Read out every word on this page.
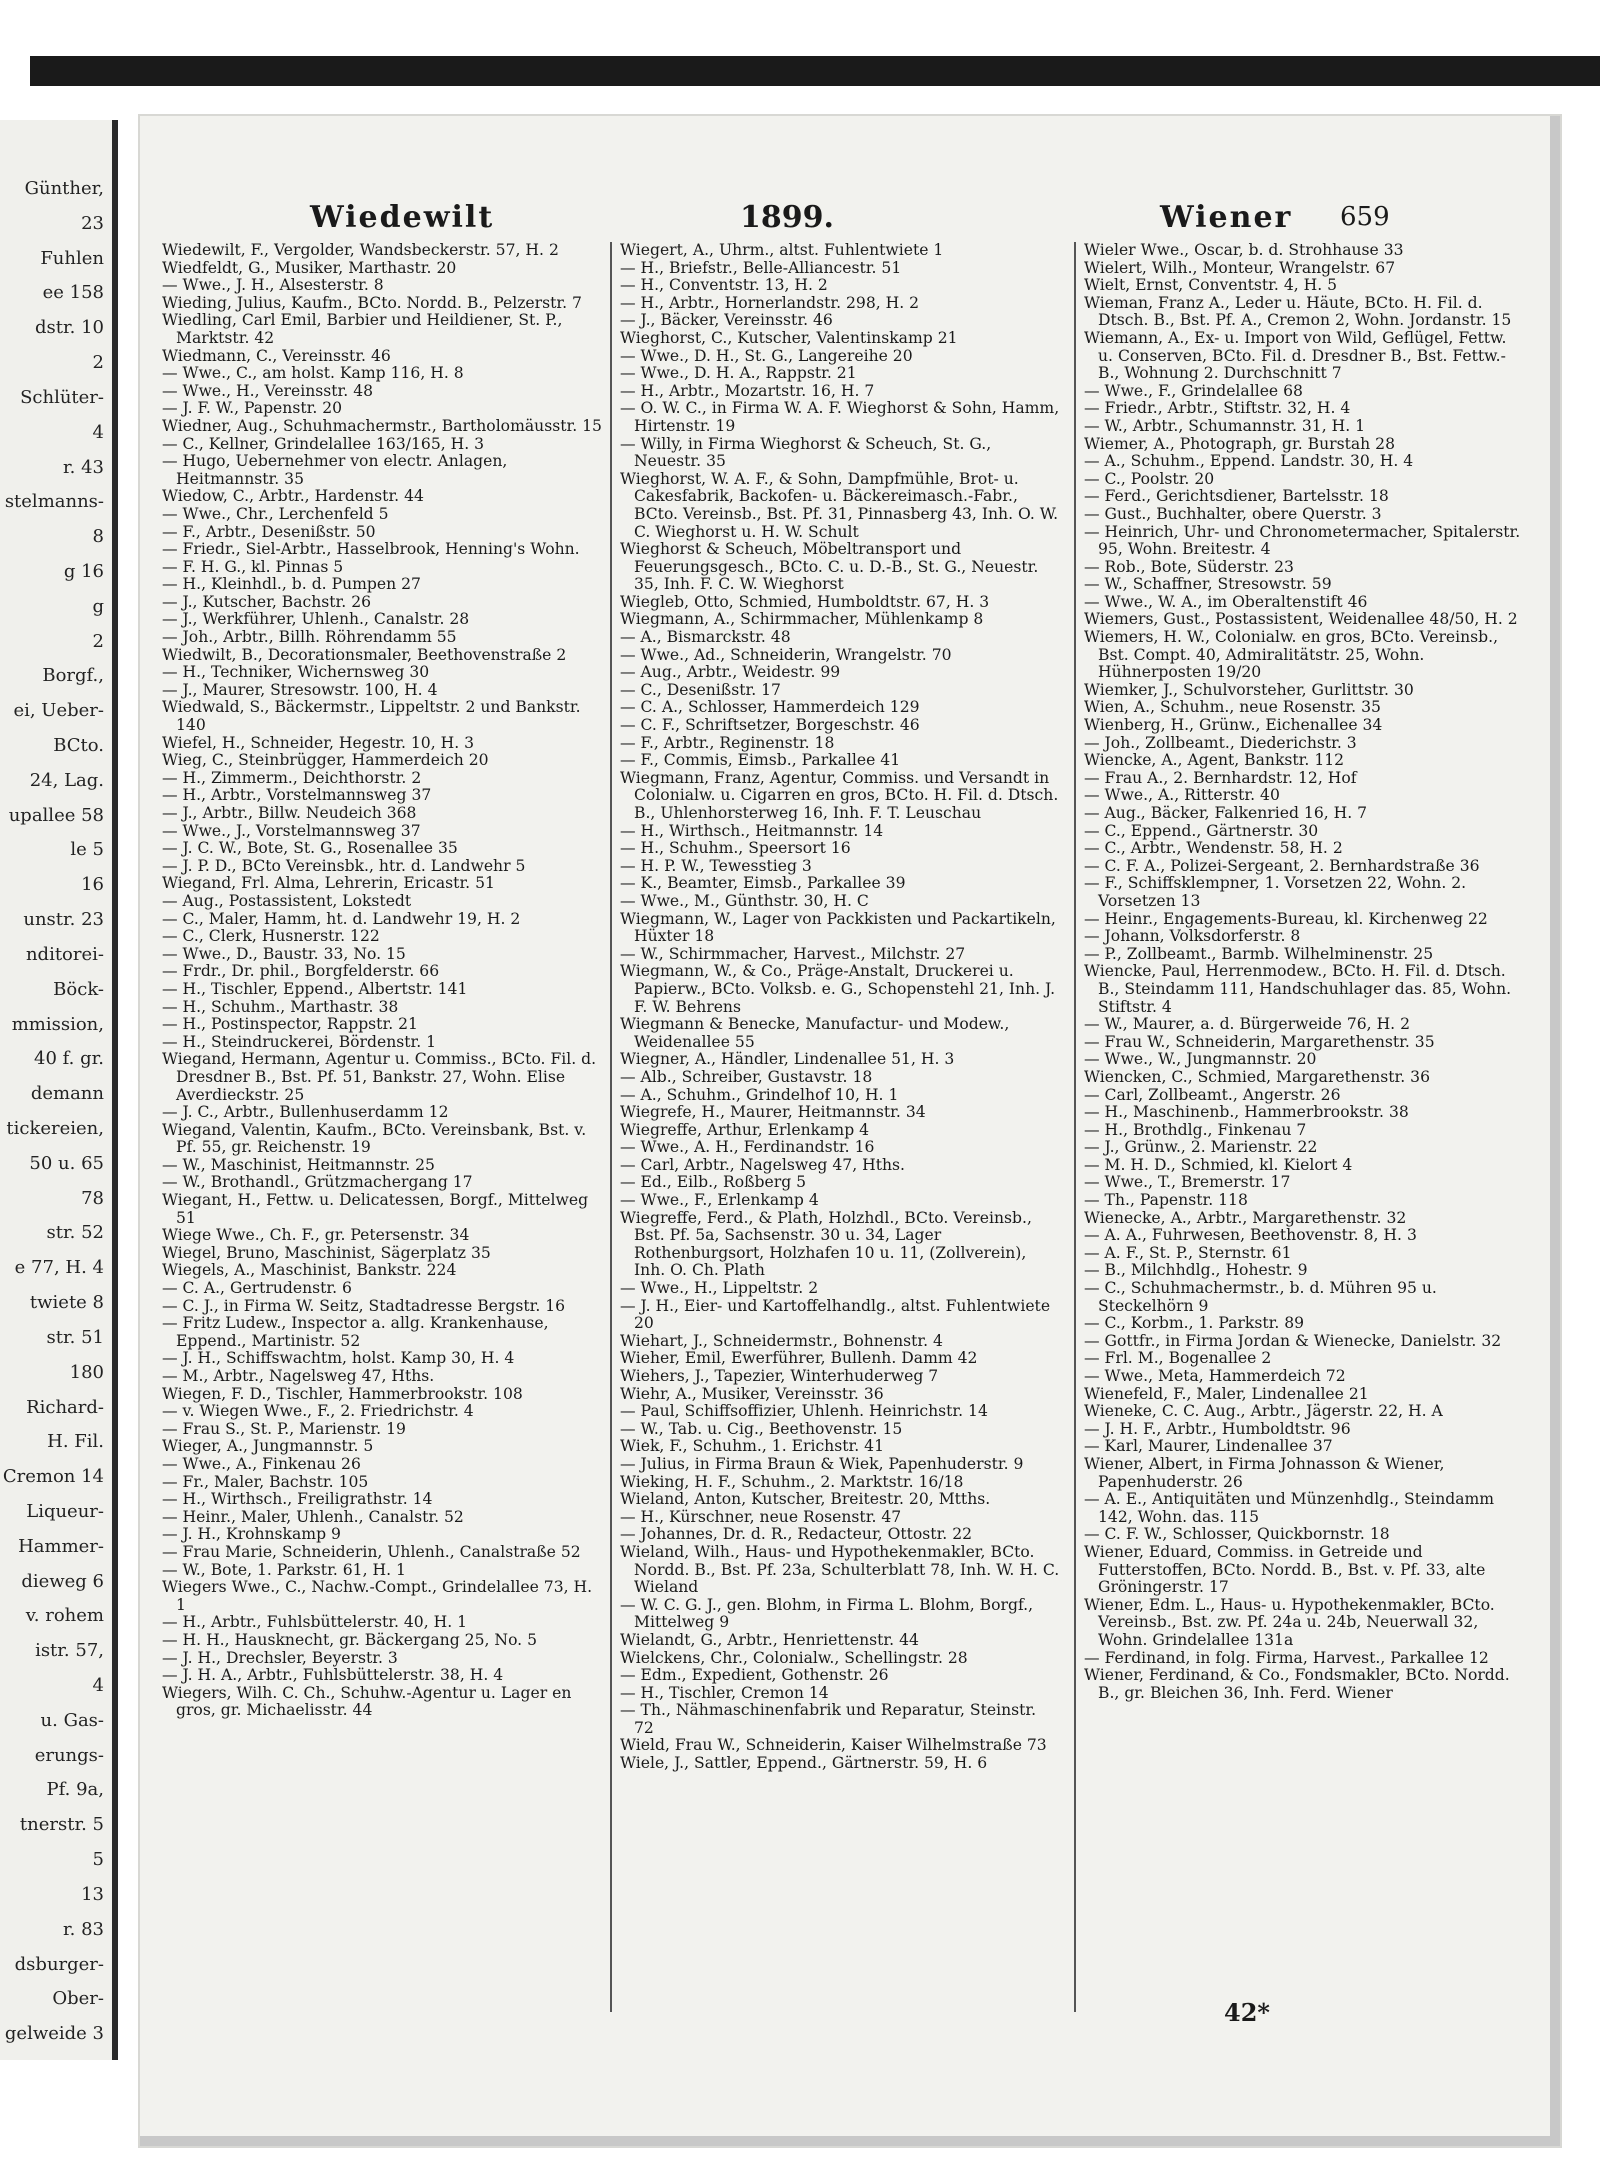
Günther,
23
Fuhlen
ee 158
dstr. 10
2
Schlüter-
4
r. 43
stelmanns-
8
g 16
g
2
Borgf.,
ei, Ueber-
BCto.
24, Lag.
upallee 58
le 5
16
unstr. 23
nditorei-
Böck-
mmission,
40 f. gr.
demann
tickereien,
50 u. 65
78
str. 52
e 77, H. 4
twiete 8
str. 51
180
Richard-
H. Fil.
Cremon 14
Liqueur-
Hammer-
dieweg 6
v. rohem
istr. 57,
4
u. Gas-
erungs-
Pf. 9a,
tnerstr. 5
5
13
r. 83
dsburger-
Ober-
gelweide 3
Wiedewilt	1899.	Wiener 659

Wiedewilt, F., Vergolder, Wandsbeckerstr. 57, H. 2

Wiedfeldt, G., Musiker, Marthastr. 20

— Wwe., J. H., Alsesterstr. 8

Wieding, Julius, Kaufm., BCto. Nordd. B., Pelzerstr. 7

Wiedling, Carl Emil, Barbier und Heildiener, St. P., Marktstr. 42

Wiedmann, C., Vereinsstr. 46

— Wwe., C., am holst. Kamp 116, H. 8

— Wwe., H., Vereinsstr. 48

— J. F. W., Papenstr. 20

Wiedner, Aug., Schuhmachermstr., Bartholomäusstr. 15

— C., Kellner, Grindelallee 163/165, H. 3

— Hugo, Uebernehmer von electr. Anlagen, Heitmannstr. 35

Wiedow, C., Arbtr., Hardenstr. 44

— Wwe., Chr., Lerchenfeld 5

— F., Arbtr., Desenißstr. 50

— Friedr., Siel-Arbtr., Hasselbrook, Henning's Wohn.

— F. H. G., kl. Pinnas 5

— H., Kleinhdl., b. d. Pumpen 27

— J., Kutscher, Bachstr. 26

— J., Werkführer, Uhlenh., Canalstr. 28

— Joh., Arbtr., Billh. Röhrendamm 55

Wiedwilt, B., Decorationsmaler, Beethovenstraße 2

— H., Techniker, Wichernsweg 30

— J., Maurer, Stresowstr. 100, H. 4

Wiedwald, S., Bäckermstr., Lippeltstr. 2 und Bankstr. 140

Wiefel, H., Schneider, Hegestr. 10, H. 3

Wieg, C., Steinbrügger, Hammerdeich 20

— H., Zimmerm., Deichthorstr. 2

— H., Arbtr., Vorstelmannsweg 37

— J., Arbtr., Billw. Neudeich 368

— Wwe., J., Vorstelmannsweg 37

— J. C. W., Bote, St. G., Rosenallee 35

— J. P. D., BCto Vereinsbk., htr. d. Landwehr 5

Wiegand, Frl. Alma, Lehrerin, Ericastr. 51

— Aug., Postassistent, Lokstedt

— C., Maler, Hamm, ht. d. Landwehr 19, H. 2

— C., Clerk, Husnerstr. 122

— Wwe., D., Baustr. 33, No. 15

— Frdr., Dr. phil., Borgfelderstr. 66

— H., Tischler, Eppend., Albertstr. 141

— H., Schuhm., Marthastr. 38

— H., Postinspector, Rappstr. 21

— H., Steindruckerei, Bördenstr. 1

Wiegand, Hermann, Agentur u. Commiss., BCto. Fil. d. Dresdner B., Bst. Pf. 51, Bankstr. 27, Wohn. Elise Averdieckstr. 25

— J. C., Arbtr., Bullenhuserdamm 12

Wiegand, Valentin, Kaufm., BCto. Vereinsbank, Bst. v. Pf. 55, gr. Reichenstr. 19

— W., Maschinist, Heitmannstr. 25

— W., Brothandl., Grützmachergang 17

Wiegant, H., Fettw. u. Delicatessen, Borgf., Mittelweg 51

Wiege Wwe., Ch. F., gr. Petersenstr. 34

Wiegel, Bruno, Maschinist, Sägerplatz 35

Wiegels, A., Maschinist, Bankstr. 224

— C. A., Gertrudenstr. 6

— C. J., in Firma W. Seitz, Stadtadresse Bergstr. 16

— Fritz Ludew., Inspector a. allg. Krankenhause, Eppend., Martinistr. 52

— J. H., Schiffswachtm, holst. Kamp 30, H. 4

— M., Arbtr., Nagelsweg 47, Hths.

Wiegen, F. D., Tischler, Hammerbrookstr. 108

— v. Wiegen Wwe., F., 2. Friedrichstr. 4

— Frau S., St. P., Marienstr. 19

Wieger, A., Jungmannstr. 5

— Wwe., A., Finkenau 26

— Fr., Maler, Bachstr. 105

— H., Wirthsch., Freiligrathstr. 14

— Heinr., Maler, Uhlenh., Canalstr. 52

— J. H., Krohnskamp 9

— Frau Marie, Schneiderin, Uhlenh., Canalstraße 52

— W., Bote, 1. Parkstr. 61, H. 1

Wiegers Wwe., C., Nachw.-Compt., Grindelallee 73, H. 1

— H., Arbtr., Fuhlsbüttelerstr. 40, H. 1

— H. H., Hausknecht, gr. Bäckergang 25, No. 5

— J. H., Drechsler, Beyerstr. 3

— J. H. A., Arbtr., Fuhlsbüttelerstr. 38, H. 4

Wiegers, Wilh. C. Ch., Schuhw.-Agentur u. Lager en gros, gr. Michaelisstr. 44

Wiegert, A., Uhrm., altst. Fuhlentwiete 1

— H., Briefstr., Belle-Alliancestr. 51

— H., Conventstr. 13, H. 2

— H., Arbtr., Hornerlandstr. 298, H. 2

— J., Bäcker, Vereinsstr. 46

Wieghorst, C., Kutscher, Valentinskamp 21

— Wwe., D. H., St. G., Langereihe 20

— Wwe., D. H. A., Rappstr. 21

— H., Arbtr., Mozartstr. 16, H. 7

— O. W. C., in Firma W. A. F. Wieghorst & Sohn, Hamm, Hirtenstr. 19

— Willy, in Firma Wieghorst & Scheuch, St. G., Neuestr. 35

Wieghorst, W. A. F., & Sohn, Dampfmühle, Brot- u. Cakesfabrik, Backofen- u. Bäckereimasch.-Fabr., BCto. Vereinsb., Bst. Pf. 31, Pinnasberg 43, Inh. O. W. C. Wieghorst u. H. W. Schult

Wieghorst & Scheuch, Möbeltransport und Feuerungsgesch., BCto. C. u. D.-B., St. G., Neuestr. 35, Inh. F. C. W. Wieghorst

Wiegleb, Otto, Schmied, Humboldtstr. 67, H. 3

Wiegmann, A., Schirmmacher, Mühlenkamp 8

— A., Bismarckstr. 48

— Wwe., Ad., Schneiderin, Wrangelstr. 70

— Aug., Arbtr., Weidestr. 99

— C., Desenißstr. 17

— C. A., Schlosser, Hammerdeich 129

— C. F., Schriftsetzer, Borgeschstr. 46

— F., Arbtr., Reginenstr. 18

— F., Commis, Eimsb., Parkallee 41

Wiegmann, Franz, Agentur, Commiss. und Versandt in Colonialw. u. Cigarren en gros, BCto. H. Fil. d. Dtsch. B., Uhlenhorsterweg 16, Inh. F. T. Leuschau

— H., Wirthsch., Heitmannstr. 14

— H., Schuhm., Speersort 16

— H. P. W., Tewesstieg 3

— K., Beamter, Eimsb., Parkallee 39

— Wwe., M., Günthstr. 30, H. C

Wiegmann, W., Lager von Packkisten und Packartikeln, Hüxter 18

— W., Schirmmacher, Harvest., Milchstr. 27

Wiegmann, W., & Co., Präge-Anstalt, Druckerei u. Papierw., BCto. Volksb. e. G., Schopenstehl 21, Inh. J. F. W. Behrens

Wiegmann & Benecke, Manufactur- und Modew., Weidenallee 55

Wiegner, A., Händler, Lindenallee 51, H. 3

— Alb., Schreiber, Gustavstr. 18

— A., Schuhm., Grindelhof 10, H. 1

Wiegrefe, H., Maurer, Heitmannstr. 34

Wiegreffe, Arthur, Erlenkamp 4

— Wwe., A. H., Ferdinandstr. 16

— Carl, Arbtr., Nagelsweg 47, Hths.

— Ed., Eilb., Roßberg 5

— Wwe., F., Erlenkamp 4

Wiegreffe, Ferd., & Plath, Holzhdl., BCto. Vereinsb., Bst. Pf. 5a, Sachsenstr. 30 u. 34, Lager Rothenburgsort, Holzhafen 10 u. 11, (Zollverein), Inh. O. Ch. Plath

— Wwe., H., Lippeltstr. 2

— J. H., Eier- und Kartoffelhandlg., altst. Fuhlentwiete 20

Wiehart, J., Schneidermstr., Bohnenstr. 4

Wieher, Emil, Ewerführer, Bullenh. Damm 42

Wiehers, J., Tapezier, Winterhuderweg 7

Wiehr, A., Musiker, Vereinsstr. 36

— Paul, Schiffsoffizier, Uhlenh. Heinrichstr. 14

— W., Tab. u. Cig., Beethovenstr. 15

Wiek, F., Schuhm., 1. Erichstr. 41

— Julius, in Firma Braun & Wiek, Papenhuderstr. 9

Wieking, H. F., Schuhm., 2. Marktstr. 16/18

Wieland, Anton, Kutscher, Breitestr. 20, Mtths.

— H., Kürschner, neue Rosenstr. 47

— Johannes, Dr. d. R., Redacteur, Ottostr. 22

Wieland, Wilh., Haus- und Hypothekenmakler, BCto. Nordd. B., Bst. Pf. 23a, Schulterblatt 78, Inh. W. H. C. Wieland

— W. C. G. J., gen. Blohm, in Firma L. Blohm, Borgf., Mittelweg 9

Wielandt, G., Arbtr., Henriettenstr. 44

Wielckens, Chr., Colonialw., Schellingstr. 28

— Edm., Expedient, Gothenstr. 26

— H., Tischler, Cremon 14

— Th., Nähmaschinenfabrik und Reparatur, Steinstr. 72

Wield, Frau W., Schneiderin, Kaiser Wilhelmstraße 73

Wiele, J., Sattler, Eppend., Gärtnerstr. 59, H. 6

Wieler Wwe., Oscar, b. d. Strohhause 33

Wielert, Wilh., Monteur, Wrangelstr. 67

Wielt, Ernst, Conventstr. 4, H. 5

Wieman, Franz A., Leder u. Häute, BCto. H. Fil. d. Dtsch. B., Bst. Pf. A., Cremon 2, Wohn. Jordanstr. 15

Wiemann, A., Ex- u. Import von Wild, Geflügel, Fettw. u. Conserven, BCto. Fil. d. Dresdner B., Bst. Fettw.-B., Wohnung 2. Durchschnitt 7

— Wwe., F., Grindelallee 68

— Friedr., Arbtr., Stiftstr. 32, H. 4

— W., Arbtr., Schumannstr. 31, H. 1

Wiemer, A., Photograph, gr. Burstah 28

— A., Schuhm., Eppend. Landstr. 30, H. 4

— C., Poolstr. 20

— Ferd., Gerichtsdiener, Bartelsstr. 18

— Gust., Buchhalter, obere Querstr. 3

— Heinrich, Uhr- und Chronometermacher, Spitalerstr. 95, Wohn. Breitestr. 4

— Rob., Bote, Süderstr. 23

— W., Schaffner, Stresowstr. 59

— Wwe., W. A., im Oberaltenstift 46

Wiemers, Gust., Postassistent, Weidenallee 48/50, H. 2

Wiemers, H. W., Colonialw. en gros, BCto. Vereinsb., Bst. Compt. 40, Admiralitätstr. 25, Wohn. Hühnerposten 19/20

Wiemker, J., Schulvorsteher, Gurlittstr. 30

Wien, A., Schuhm., neue Rosenstr. 35

Wienberg, H., Grünw., Eichenallee 34

— Joh., Zollbeamt., Diederichstr. 3

Wiencke, A., Agent, Bankstr. 112

— Frau A., 2. Bernhardstr. 12, Hof

— Wwe., A., Ritterstr. 40

— Aug., Bäcker, Falkenried 16, H. 7

— C., Eppend., Gärtnerstr. 30

— C., Arbtr., Wendenstr. 58, H. 2

— C. F. A., Polizei-Sergeant, 2. Bernhardstraße 36

— F., Schiffsklempner, 1. Vorsetzen 22, Wohn. 2. Vorsetzen 13

— Heinr., Engagements-Bureau, kl. Kirchenweg 22

— Johann, Volksdorferstr. 8

— P., Zollbeamt., Barmb. Wilhelminenstr. 25

Wiencke, Paul, Herrenmodew., BCto. H. Fil. d. Dtsch. B., Steindamm 111, Handschuhlager das. 85, Wohn. Stiftstr. 4

— W., Maurer, a. d. Bürgerweide 76, H. 2

— Frau W., Schneiderin, Margarethenstr. 35

— Wwe., W., Jungmannstr. 20

Wiencken, C., Schmied, Margarethenstr. 36

— Carl, Zollbeamt., Angerstr. 26

— H., Maschinenb., Hammerbrookstr. 38

— H., Brothdlg., Finkenau 7

— J., Grünw., 2. Marienstr. 22

— M. H. D., Schmied, kl. Kielort 4

— Wwe., T., Bremerstr. 17

— Th., Papenstr. 118

Wienecke, A., Arbtr., Margarethenstr. 32

— A. A., Fuhrwesen, Beethovenstr. 8, H. 3

— A. F., St. P., Sternstr. 61

— B., Milchhdlg., Hohestr. 9

— C., Schuhmachermstr., b. d. Mühren 95 u. Steckelhörn 9

— C., Korbm., 1. Parkstr. 89

— Gottfr., in Firma Jordan & Wienecke, Danielstr. 32

— Frl. M., Bogenallee 2

— Wwe., Meta, Hammerdeich 72

Wienefeld, F., Maler, Lindenallee 21

Wieneke, C. C. Aug., Arbtr., Jägerstr. 22, H. A

— J. H. F., Arbtr., Humboldtstr. 96

— Karl, Maurer, Lindenallee 37

Wiener, Albert, in Firma Johnasson & Wiener, Papenhuderstr. 26

— A. E., Antiquitäten und Münzenhdlg., Steindamm 142, Wohn. das. 115

— C. F. W., Schlosser, Quickbornstr. 18

Wiener, Eduard, Commiss. in Getreide und Futterstoffen, BCto. Nordd. B., Bst. v. Pf. 33, alte Gröningerstr. 17

Wiener, Edm. L., Haus- u. Hypothekenmakler, BCto. Vereinsb., Bst. zw. Pf. 24a u. 24b, Neuerwall 32, Wohn. Grindelallee 131a

— Ferdinand, in folg. Firma, Harvest., Parkallee 12

Wiener, Ferdinand, & Co., Fondsmakler, BCto. Nordd. B., gr. Bleichen 36, Inh. Ferd. Wiener

42*
